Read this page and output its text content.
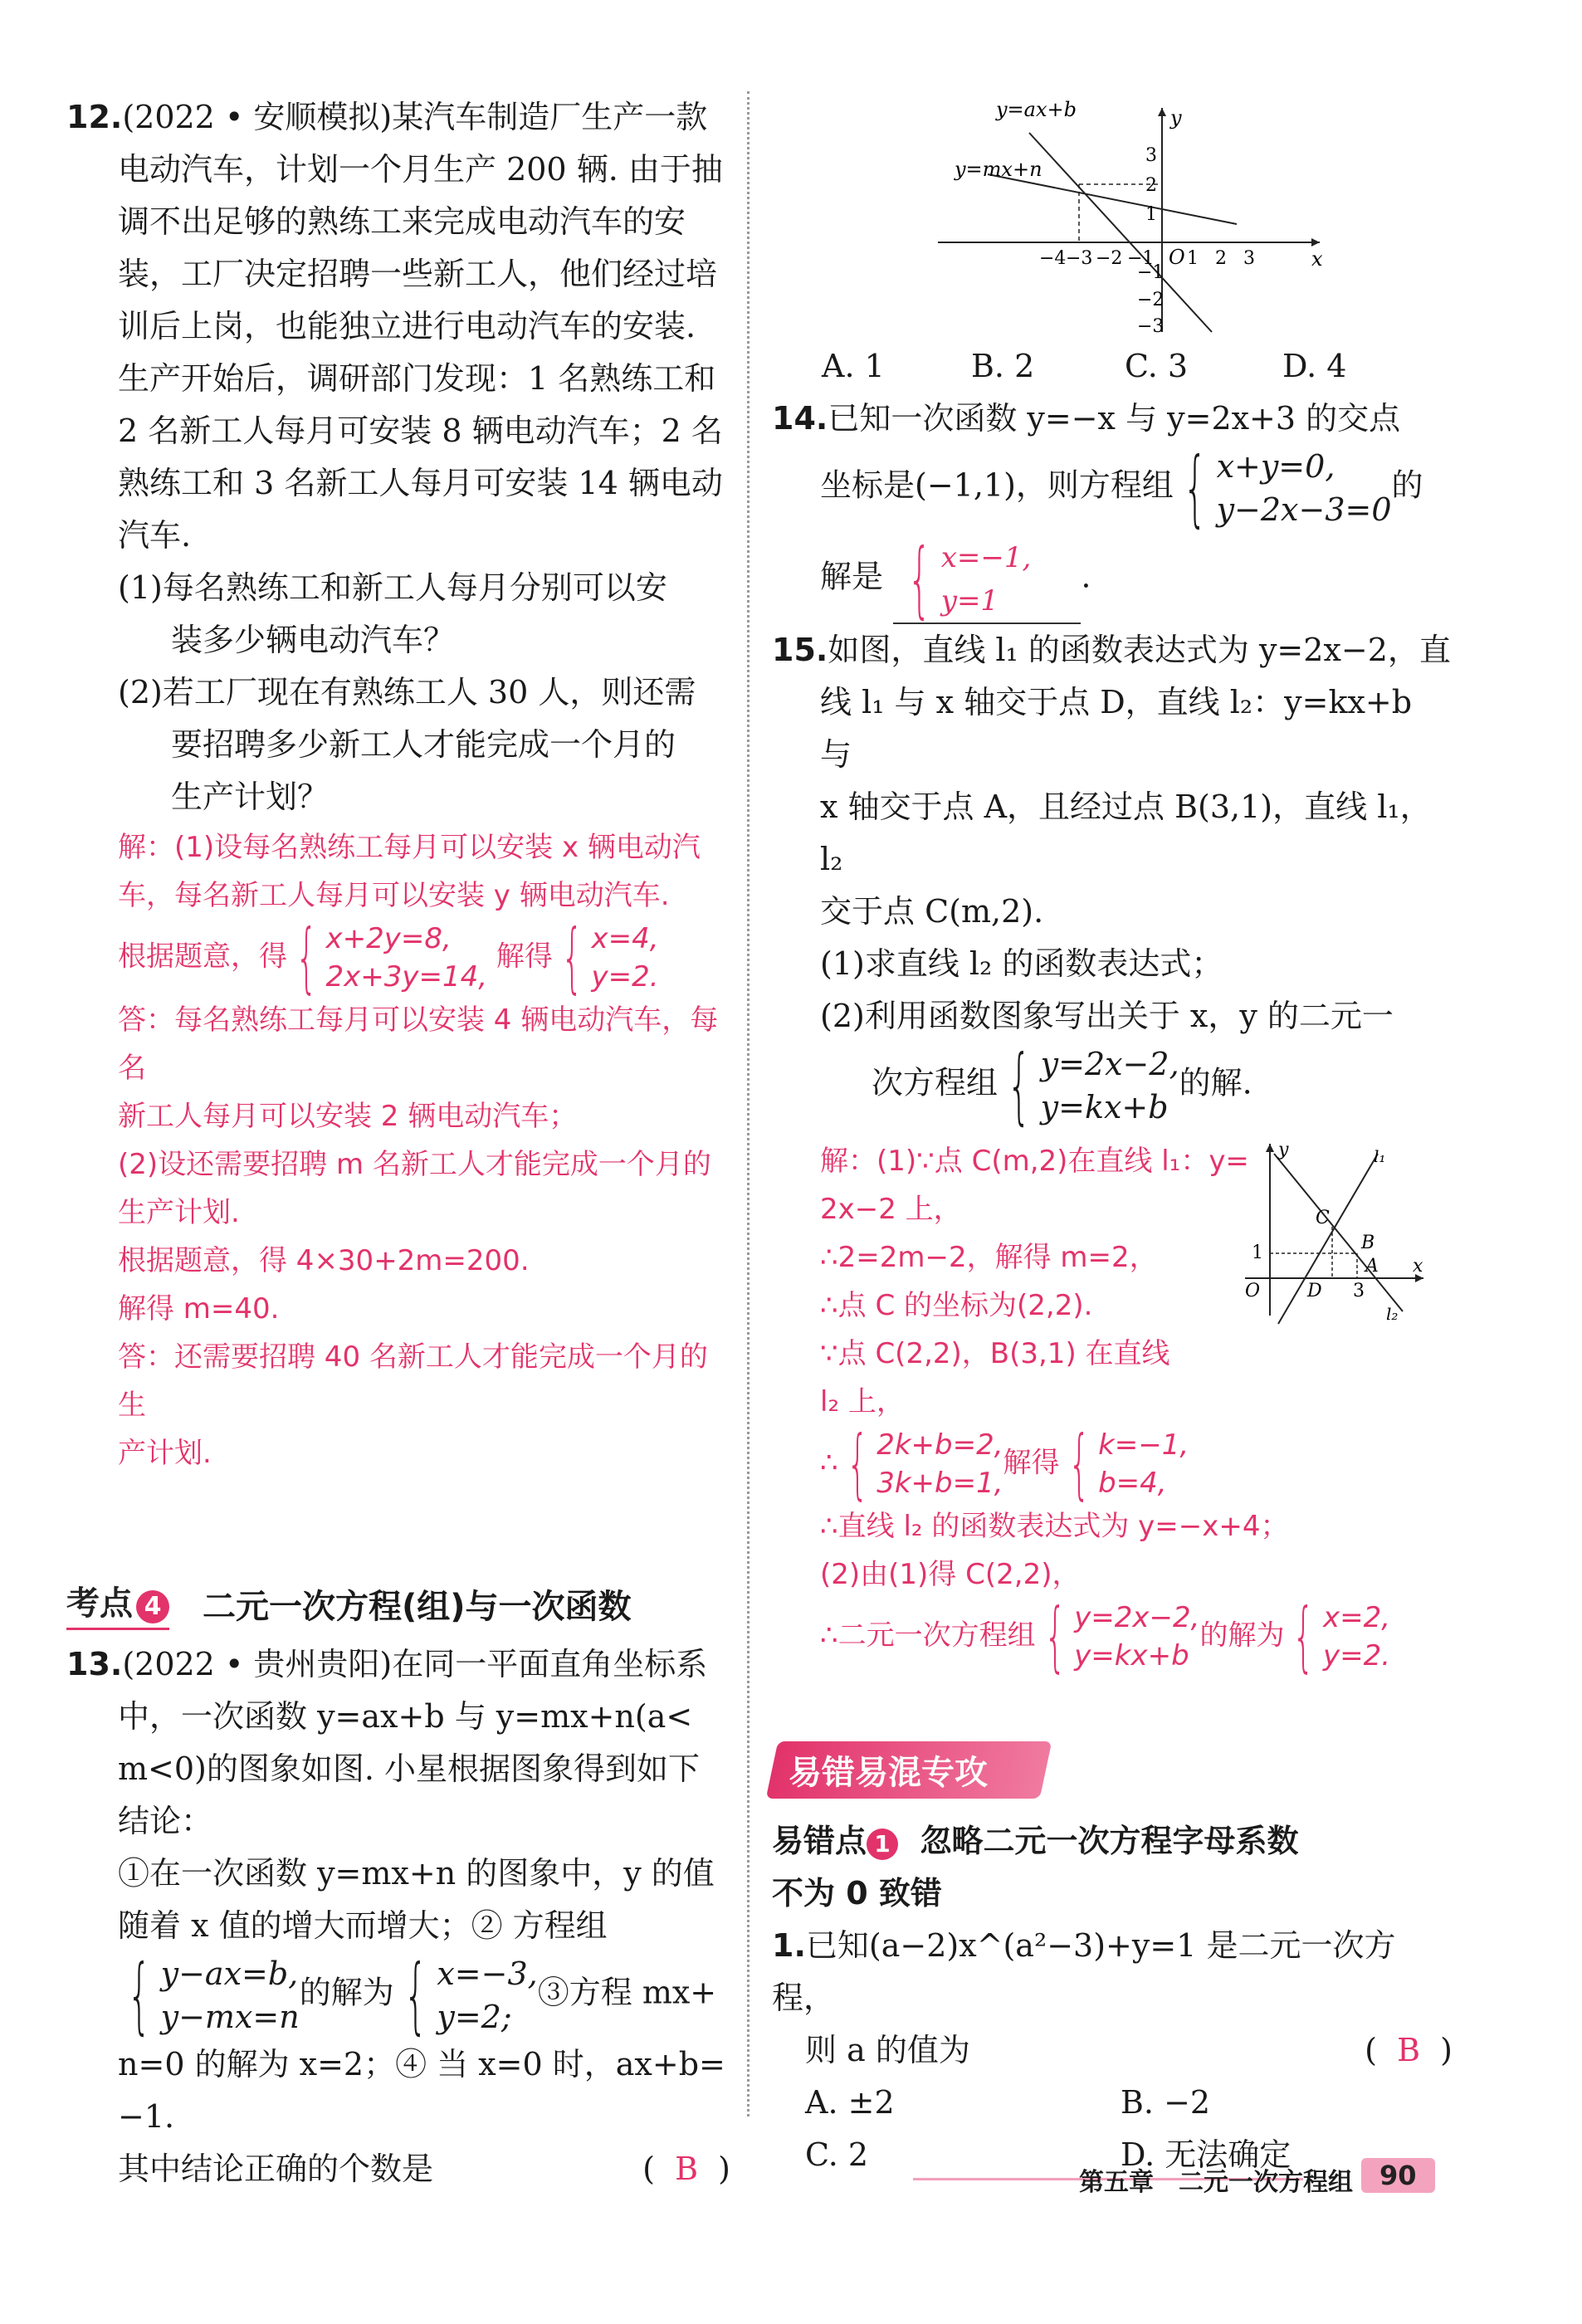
12.(2022 • 安顺模拟)某汽车制造厂生产一款

电动汽车，计划一个月生产 200 辆. 由于抽

调不出足够的熟练工来完成电动汽车的安

装，工厂决定招聘一些新工人，他们经过培

训后上岗，也能独立进行电动汽车的安装.

生产开始后，调研部门发现：1 名熟练工和

2 名新工人每月可安装 8 辆电动汽车；2 名

熟练工和 3 名新工人每月可安装 14 辆电动

汽车.

(1)每名熟练工和新工人每月分别可以安

装多少辆电动汽车？

(2)若工厂现在有熟练工人 30 人，则还需

要招聘多少新工人才能完成一个月的

生产计划？

解：(1)设每名熟练工每月可以安装 x 辆电动汽

车，每名新工人每月可以安装 y 辆电动汽车.

根据题意，得 { x+2y=8,
2x+3y=14,
解得 { x=4,
y=2.

答：每名熟练工每月可以安装 4 辆电动汽车，每名

新工人每月可以安装 2 辆电动汽车；

(2)设还需要招聘 m 名新工人才能完成一个月的

生产计划.

根据题意，得 4×30+2m=200.

解得 m=40.

答：还需要招聘 40 名新工人才能完成一个月的生

产计划.

考点 4 二元一次方程(组)与一次函数

13.(2022 • 贵州贵阳)在同一平面直角坐标系

中，一次函数 y=ax+b 与 y=mx+n(a<

m<0)的图象如图. 小星根据图象得到如下

结论：

①在一次函数 y=mx+n 的图象中，y 的值

随着 x 值的增大而增大；② 方程组

{ y−ax=b,
y−mx=n
的解为 { x=−3,
y=2;
③方程 mx+

n=0 的解为 x=2；④ 当 x=0 时，ax+b=

−1.

其中结论正确的个数是	(  B  )

y=ax+b
y=mx+n
x
y
O
−4 −3 −2 −1 1 2 3
3
2
1
−1
−2
−3
A. 1	B. 2	C. 3	D. 4

14.已知一次函数 y=−x 与 y=2x+3 的交点

坐标是(−1,1)，则方程组 { x+y=0,
y−2x−3=0
的

解是 { x=−1,
y=1
.

15.如图，直线 l₁ 的函数表达式为 y=2x−2，直

线 l₁ 与 x 轴交于点 D，直线 l₂：y=kx+b 与

x 轴交于点 A，且经过点 B(3,1)，直线 l₁，l₂

交于点 C(m,2).

(1)求直线 l₂ 的函数表达式；

(2)利用函数图象写出关于 x，y 的二元一

次方程组 { y=2x−2,
y=kx+b
的解.

y
x
O
l₁
l₂
C
B
D
A
1
3

解：(1)∵点 C(m,2)在直线 l₁：y=

2x−2 上，

∴2=2m−2，解得 m=2，

∴点 C 的坐标为(2,2).

∵点 C(2,2)，B(3,1) 在直线

l₂ 上，

∴ { 2k+b=2,
3k+b=1,
解得 { k=−1,
b=4,

∴直线 l₂ 的函数表达式为 y=−x+4；

(2)由(1)得 C(2,2)，

∴二元一次方程组 { y=2x−2,
y=kx+b
的解为 { x=2,
y=2.

易错易混专攻

易错点 1 忽略二元一次方程字母系数

不为 0 致错

1.已知(a−2)x^(a²−3)+y=1 是二元一次方程，

则 a 的值为	(  B  )

A. ±2	B. −2
C. 2	D. 无法确定
第五章　二元一次方程组	90
